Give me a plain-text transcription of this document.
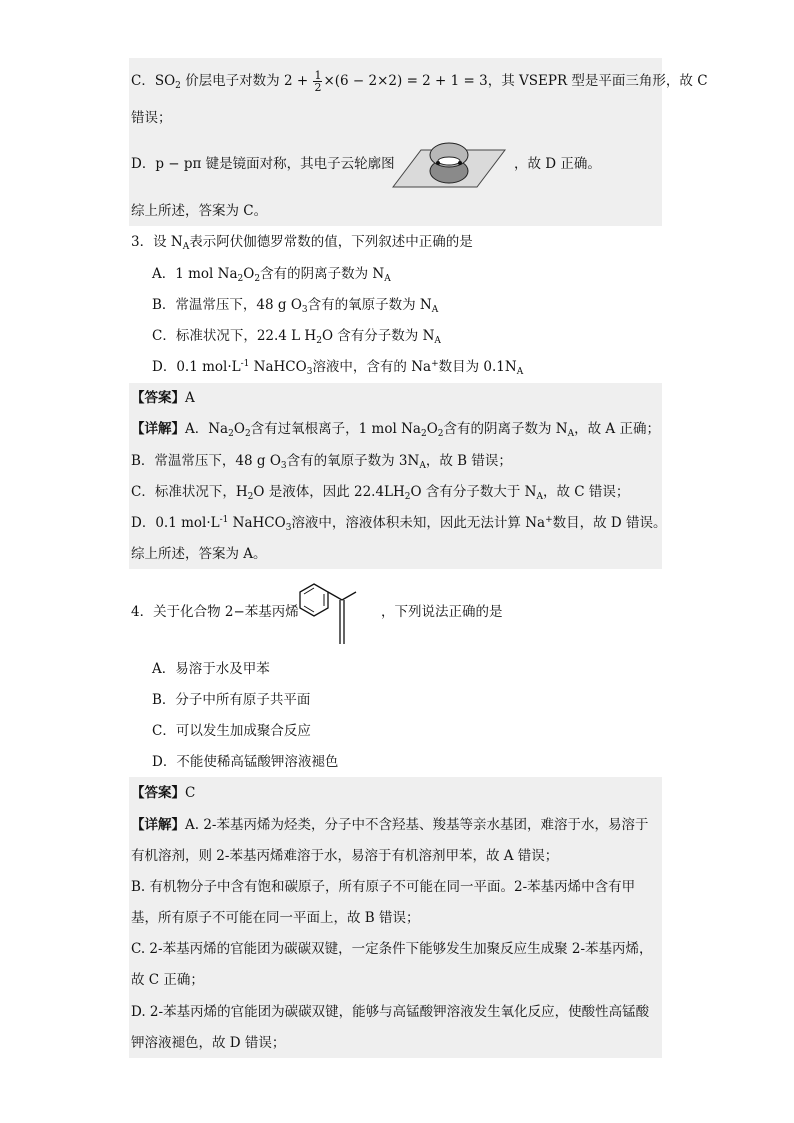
C．$SO_2$ 价层电子对数为 $2 + \frac{1}{2} \times(6 - 2\times 2) = 2 + 1 = 3$，其 VSEPR 型是平面三角形，故 C
错误；
D．p − pπ 键是镜面对称，其电子云轮廓图	，故 D 正确。
综上所述，答案为 C。
3．设 $N_A$表示阿伏伽德罗常数的值，下列叙述中正确的是
A．1 mol $Na_2O_2$含有的阴离子数为 $N_A$
B．常温常压下，48 g $O_3$含有的氧原子数为 $N_A$
C．标准状况下，22.4 L $H_2O$ 含有分子数为 $N_A$
D．0.1 $mol\cdot L^{-1}$ NaHCO$_3$溶液中，含有的 Na+数目为 $0.1N_A$
【答案】A
【详解】A．$Na_2O_2$含有过氧根离子，1 mol $Na_2O_2$含有的阴离子数为 $N_A$，故 A 正确；
B．常温常压下，48 g $O_3$含有的氧原子数为 $3N_A$，故 B 错误；
C．标准状况下，$H_2O$ 是液体，因此 $22.4LH_2O$ 含有分子数大于 $N_A$，故 C 错误；
D．0.1 $mol\cdot L^{-1}$ NaHCO$_3$溶液中，溶液体积未知，因此无法计算 Na+数目，故 D 错误。
综上所述，答案为 A。
4．关于化合物 2−苯基丙烯	，下列说法正确的是
A．易溶于水及甲苯
B．分子中所有原子共平面
C．可以发生加成聚合反应
D．不能使稀高锰酸钾溶液褪色
【答案】C
【详解】A. 2-苯基丙烯为烃类，分子中不含羟基、羧基等亲水基团，难溶于水，易溶于
有机溶剂，则 2-苯基丙烯难溶于水，易溶于有机溶剂甲苯，故 A 错误；
B. 有机物分子中含有饱和碳原子，所有原子不可能在同一平面。2-苯基丙烯中含有甲
基，所有原子不可能在同一平面上，故 B 错误；
C. 2-苯基丙烯的官能团为碳碳双键，一定条件下能够发生加聚反应生成聚 2-苯基丙烯，
故 C 正确；
D. 2-苯基丙烯的官能团为碳碳双键，能够与高锰酸钾溶液发生氧化反应，使酸性高锰酸
钾溶液褪色，故 D 错误；
